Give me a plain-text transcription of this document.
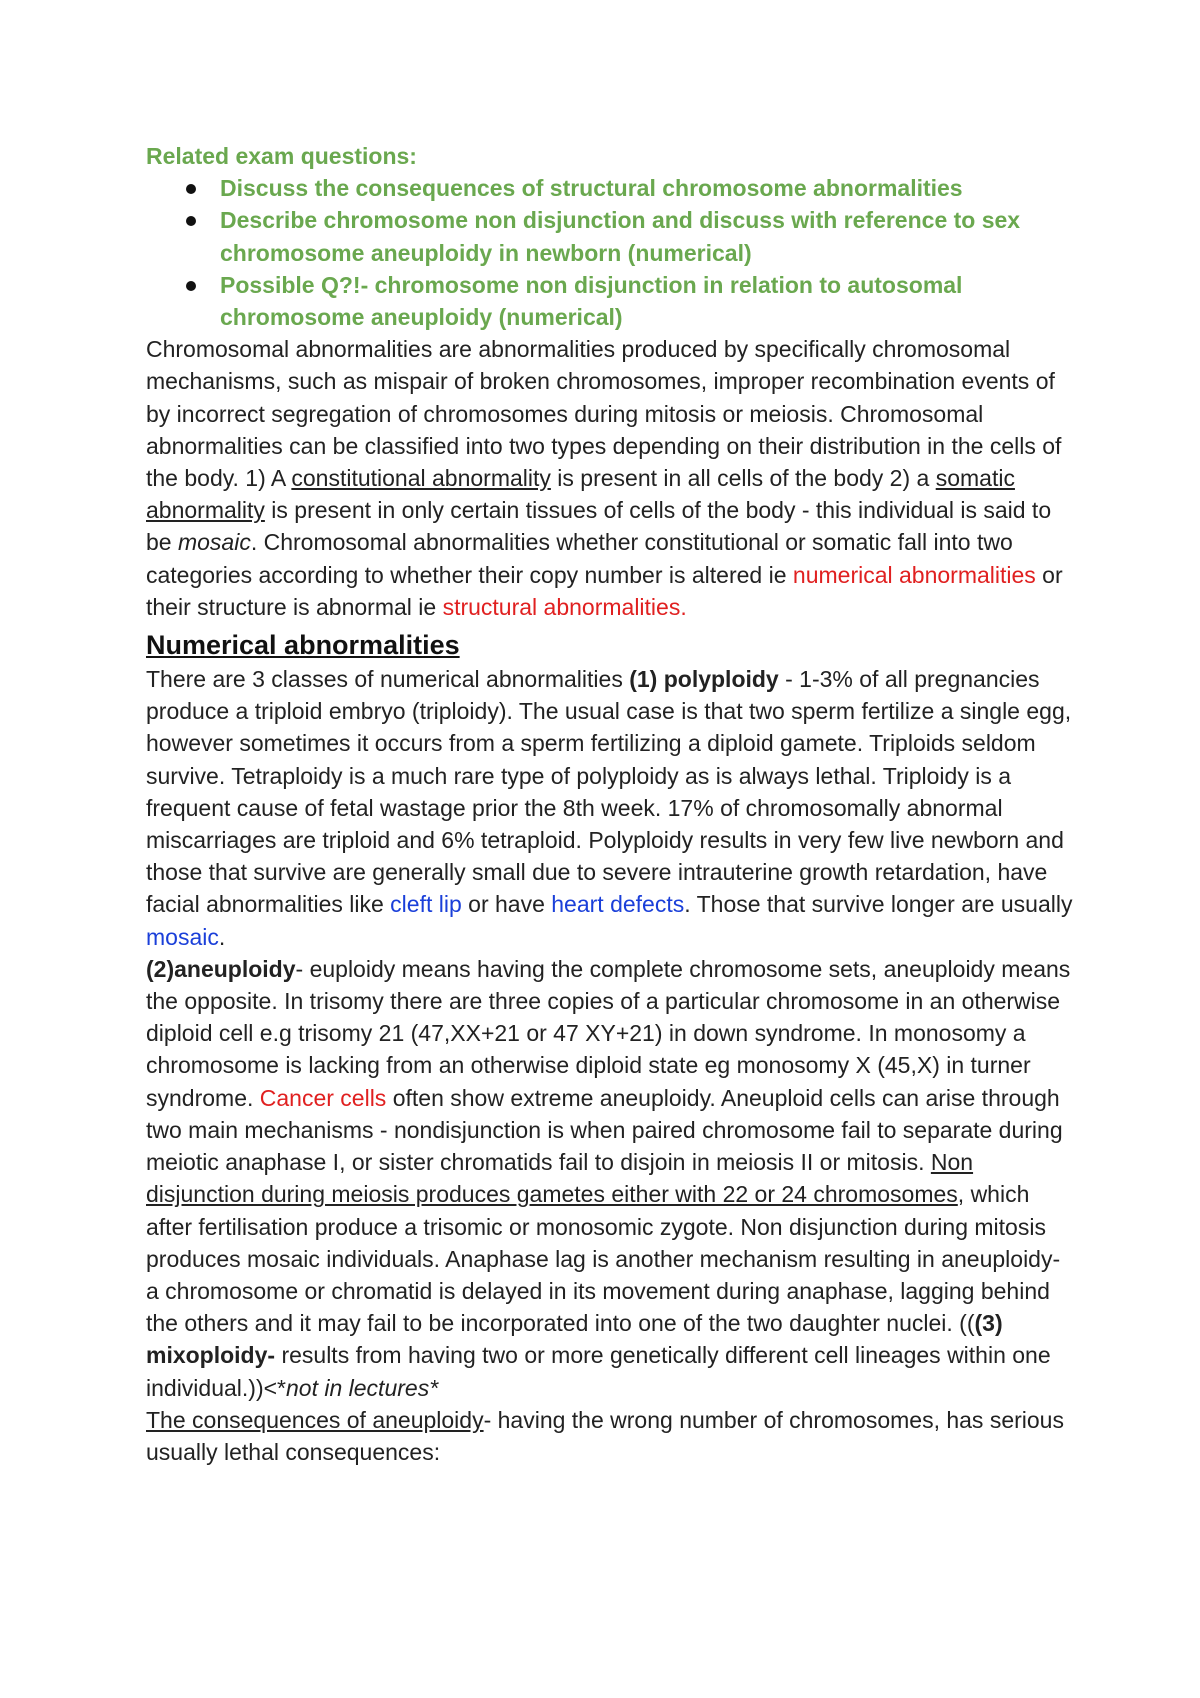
Related exam questions:

Discuss the consequences of structural chromosome abnormalities
Describe chromosome non disjunction and discuss with reference to sex chromosome aneuploidy in newborn (numerical)
Possible Q?!- chromosome non disjunction in relation to autosomal chromosome aneuploidy (numerical)

Chromosomal abnormalities are abnormalities produced by specifically chromosomal mechanisms, such as mispair of broken chromosomes, improper recombination events of by incorrect segregation of chromosomes during mitosis or meiosis. Chromosomal abnormalities can be classified into two types depending on their distribution in the cells of the body. 1) A constitutional abnormality is present in all cells of the body 2) a somatic abnormality is present in only certain tissues of cells of the body - this individual is said to be mosaic. Chromosomal abnormalities whether constitutional or somatic fall into two categories according to whether their copy number is altered ie numerical abnormalities or their structure is abnormal ie structural abnormalities.

Numerical abnormalities

There are 3 classes of numerical abnormalities (1) polyploidy - 1-3% of all pregnancies produce a triploid embryo (triploidy). The usual case is that two sperm fertilize a single egg, however sometimes it occurs from a sperm fertilizing a diploid gamete. Triploids seldom survive. Tetraploidy is a much rare type of polyploidy as is always lethal. Triploidy is a frequent cause of fetal wastage prior the 8th week. 17% of chromosomally abnormal miscarriages are triploid and 6% tetraploid. Polyploidy results in very few live newborn and those that survive are generally small due to severe intrauterine growth retardation, have facial abnormalities like cleft lip or have heart defects. Those that survive longer are usually mosaic.

(2)aneuploidy- euploidy means having the complete chromosome sets, aneuploidy means the opposite. In trisomy there are three copies of a particular chromosome in an otherwise diploid cell e.g trisomy 21 (47,XX+21 or 47 XY+21) in down syndrome. In monosomy a chromosome is lacking from an otherwise diploid state eg monosomy X (45,X) in turner syndrome. Cancer cells often show extreme aneuploidy. Aneuploid cells can arise through two main mechanisms - nondisjunction is when paired chromosome fail to separate during meiotic anaphase I, or sister chromatids fail to disjoin in meiosis II or mitosis. Non disjunction during meiosis produces gametes either with 22 or 24 chromosomes, which after fertilisation produce a trisomic or monosomic zygote. Non disjunction during mitosis produces mosaic individuals. Anaphase lag is another mechanism resulting in aneuploidy- a chromosome or chromatid is delayed in its movement during anaphase, lagging behind the others and it may fail to be incorporated into one of the two daughter nuclei. (((3) mixoploidy- results from having two or more genetically different cell lineages within one individual.))<*not in lectures*

The consequences of aneuploidy- having the wrong number of chromosomes, has serious usually lethal consequences:
